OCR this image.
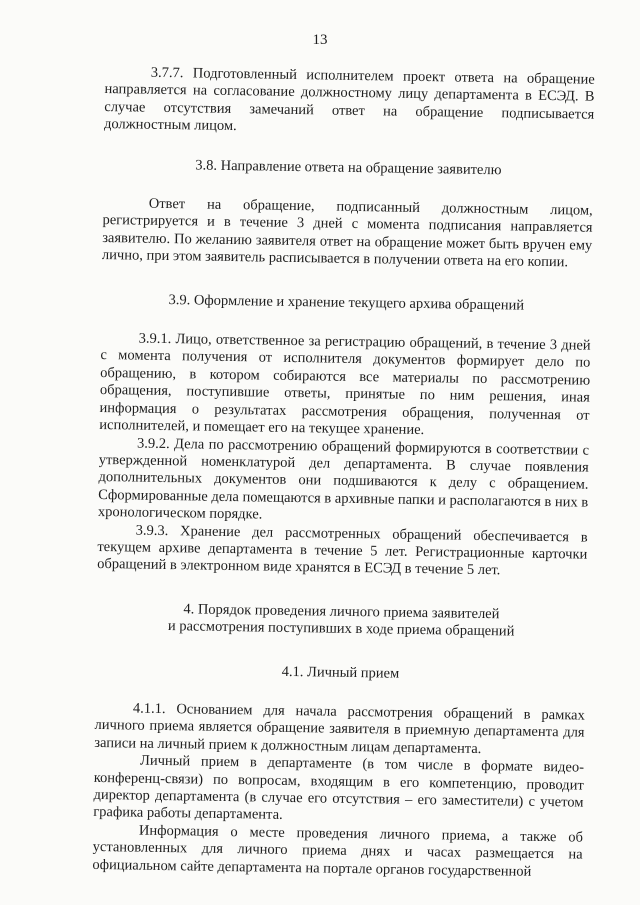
13

3.7.7. Подготовленный исполнителем проект ответа на обращение направляется на согласование должностному лицу департамента в ЕСЭД. В случае отсутствия замечаний ответ на обращение подписывается должностным лицом.

3.8. Направление ответа на обращение заявителю

Ответ на обращение, подписанный должностным лицом, регистрируется и в течение 3 дней с момента подписания направляется заявителю. По желанию заявителя ответ на обращение может быть вручен ему лично, при этом заявитель расписывается в получении ответа на его копии.

3.9. Оформление и хранение текущего архива обращений

3.9.1. Лицо, ответственное за регистрацию обращений, в течение 3 дней с момента получения от исполнителя документов формирует дело по обращению, в котором собираются все материалы по рассмотрению обращения, поступившие ответы, принятые по ним решения, иная информация о результатах рассмотрения обращения, полученная от исполнителей, и помещает его на текущее хранение.

3.9.2. Дела по рассмотрению обращений формируются в соответствии с утвержденной номенклатурой дел департамента. В случае появления дополнительных документов они подшиваются к делу с обращением. Сформированные дела помещаются в архивные папки и располагаются в них в хронологическом порядке.

3.9.3. Хранение дел рассмотренных обращений обеспечивается в текущем архиве департамента в течение 5 лет. Регистрационные карточки обращений в электронном виде хранятся в ЕСЭД в течение 5 лет.

4. Порядок проведения личного приема заявителей

и рассмотрения поступивших в ходе приема обращений

4.1. Личный прием

4.1.1. Основанием для начала рассмотрения обращений в рамках личного приема является обращение заявителя в приемную департамента для записи на личный прием к должностным лицам департамента.

Личный прием в департаменте (в том числе в формате видео-конференц-связи) по вопросам, входящим в его компетенцию, проводит директор департамента (в случае его отсутствия – его заместители) с учетом графика работы департамента.

Информация о месте проведения личного приема, а также об установленных для личного приема днях и часах размещается на официальном сайте департамента на портале органов государственной
